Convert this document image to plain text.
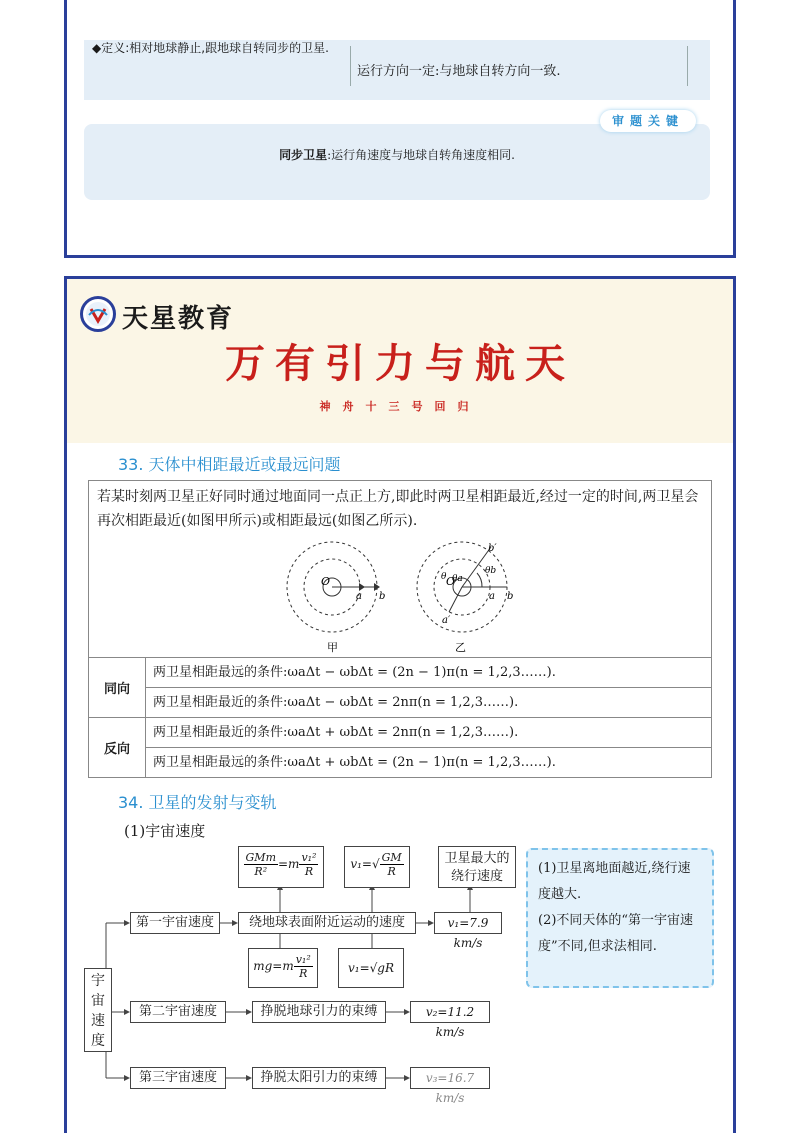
◆定义:相对地球静止,跟地球自转同步的卫星.
运行方向一定:与地球自转方向一致.
同步卫星:运行角速度与地球自转角速度相同.
审题关键
天星教育
万有引力与航天
神舟十三号回归
33. 天体中相距最近或最远问题
若某时刻两卫星正好同时通过地面同一点正上方,即此时两卫星相距最近,经过一定的时间,两卫星会再次相距最近(如图甲所示)或相距最远(如图乙所示).
O
a b
甲
O
a b
b′
a′
θb
θ θa
乙
同向
两卫星相距最远的条件:ωaΔt − ωbΔt = (2n − 1)π(n = 1,2,3……).
两卫星相距最近的条件:ωaΔt − ωbΔt = 2nπ(n = 1,2,3……).
反向
两卫星相距最近的条件:ωaΔt + ωbΔt = 2nπ(n = 1,2,3……).
两卫星相距最远的条件:ωaΔt + ωbΔt = (2n − 1)π(n = 1,2,3……).
34. 卫星的发射与变轨
(1)宇宙速度
宇宙速度
第一宇宙速度	绕地球表面附近运动的速度	v₁=7.9 km/s
$\frac{\text{GMm}}{\text{R²}} =m \frac{\text{v₁²}}{R}$	$v_1=√ \frac{GM}{R}$	卫星最大的绕行速度
$mg=m \frac{\text{v₁²}}{R}$	v₁=√gR
第二宇宙速度	挣脱地球引力的束缚	v₂=11.2 km/s
第三宇宙速度	挣脱太阳引力的束缚	v₃=16.7 km/s
(1)卫星离地面越近,绕行速度越大.
(2)不同天体的“第一宇宙速度”不同,但求法相同.
